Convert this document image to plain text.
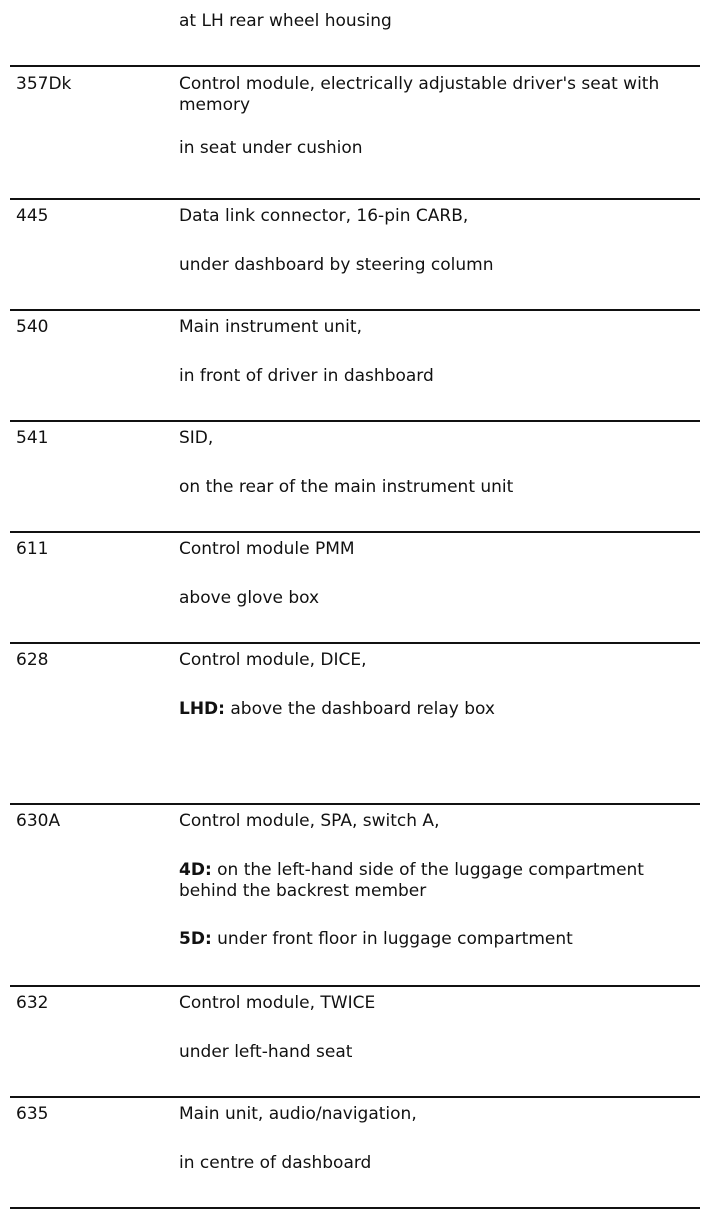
at LH rear wheel housing
357Dk	Control module, electrically adjustable driver's seat with memory
in seat under cushion
445	Data link connector, 16-pin CARB,
under dashboard by steering column
540	Main instrument unit,
in front of driver in dashboard
541	SID,
on the rear of the main instrument unit
611	Control module PMM
above glove box
628	Control module, DICE,
LHD: above the dashboard relay box
630A	Control module, SPA, switch A,
4D: on the left-hand side of the luggage compartment behind the backrest member
5D: under front floor in luggage compartment
632	Control module, TWICE
under left-hand seat
635	Main unit, audio/navigation,
in centre of dashboard
